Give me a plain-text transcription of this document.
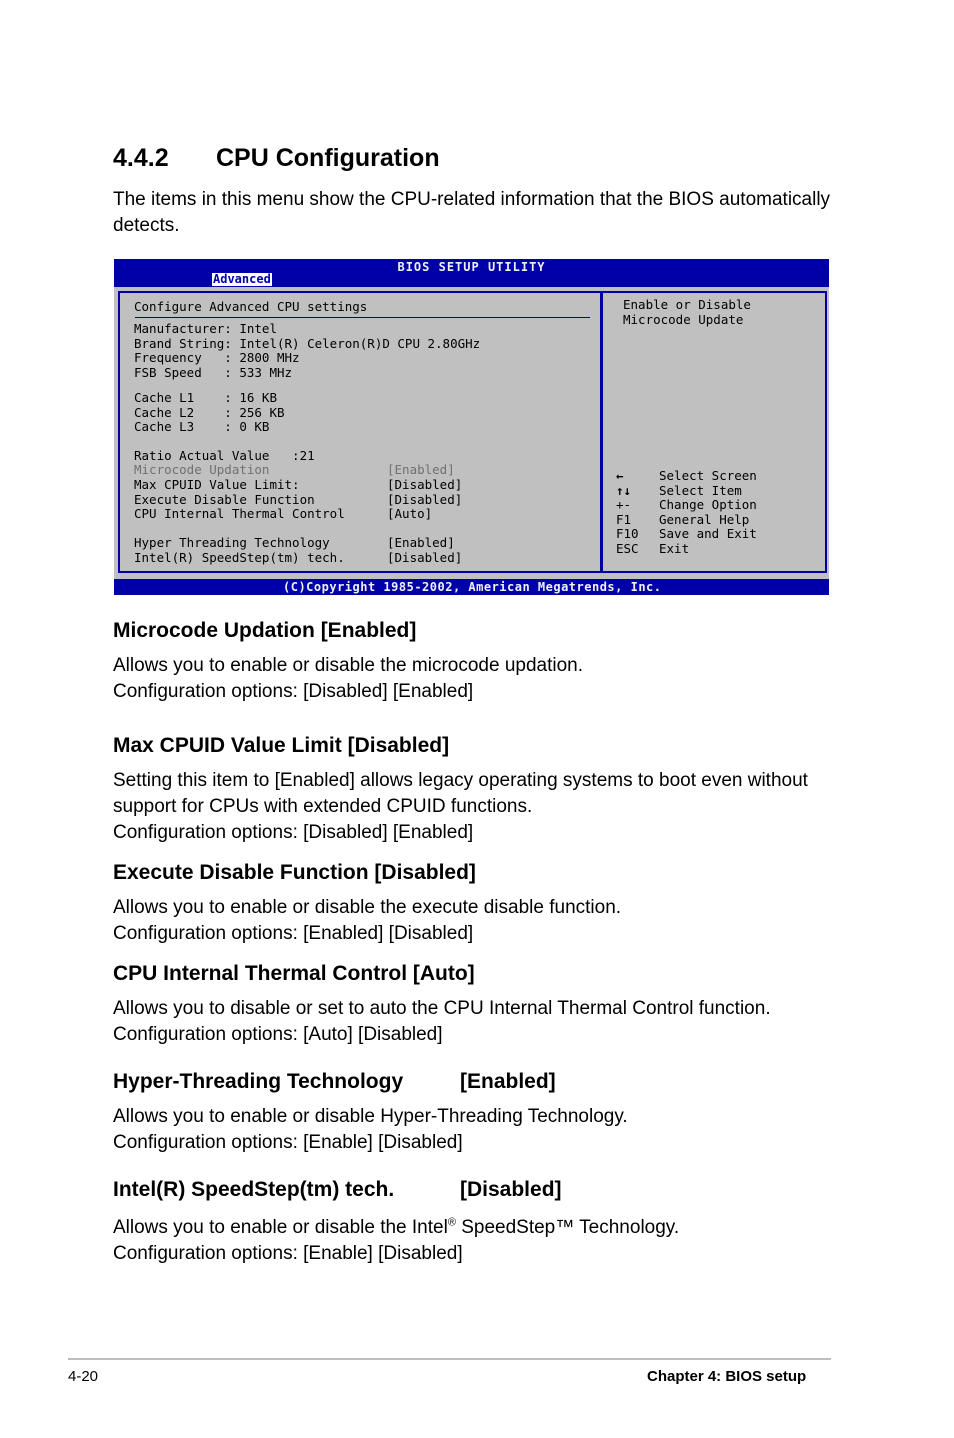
4.4.2 CPU Configuration
The items in this menu show the CPU-related information that the BIOS automatically detects.
BIOS SETUP UTILITY
Advanced
Configure Advanced CPU settings
Manufacturer: Intel
Brand String: Intel(R) Celeron(R)D CPU 2.80GHz
Frequency   : 2800 MHz
FSB Speed   : 533 MHz
Cache L1    : 16 KB
Cache L2    : 256 KB
Cache L3    : 0 KB
Ratio Actual Value   :21
Microcode Updation	[Enabled]
Max CPUID Value Limit:	[Disabled]
Execute Disable Function	[Disabled]
CPU Internal Thermal Control	[Auto]
Hyper Threading Technology	[Enabled]
Intel(R) SpeedStep(tm) tech.	[Disabled]
Enable or Disable
Microcode Update
←	Select Screen
↑↓ Select Item
+- Change Option
F1 General Help
F10 Save and Exit
ESC Exit
(C)Copyright 1985-2002, American Megatrends, Inc.
Microcode Updation [Enabled]
Allows you to enable or disable the microcode updation.
Configuration options: [Disabled] [Enabled]
Max CPUID Value Limit [Disabled]
Setting this item to [Enabled] allows legacy operating systems to boot even without support for CPUs with extended CPUID functions.
Configuration options: [Disabled] [Enabled]
Execute Disable Function [Disabled]
Allows you to enable or disable the execute disable function.
Configuration options: [Enabled] [Disabled]
CPU Internal Thermal Control [Auto]
Allows you to disable or set to auto the CPU Internal Thermal Control function.
Configuration options: [Auto] [Disabled]
Hyper-Threading Technology	[Enabled]
Allows you to enable or disable Hyper-Threading Technology.
Configuration options: [Enable] [Disabled]
Intel(R) SpeedStep(tm) tech.	[Disabled]
Allows you to enable or disable the Intel® SpeedStep™ Technology.
Configuration options: [Enable] [Disabled]
4-20	Chapter 4: BIOS setup
